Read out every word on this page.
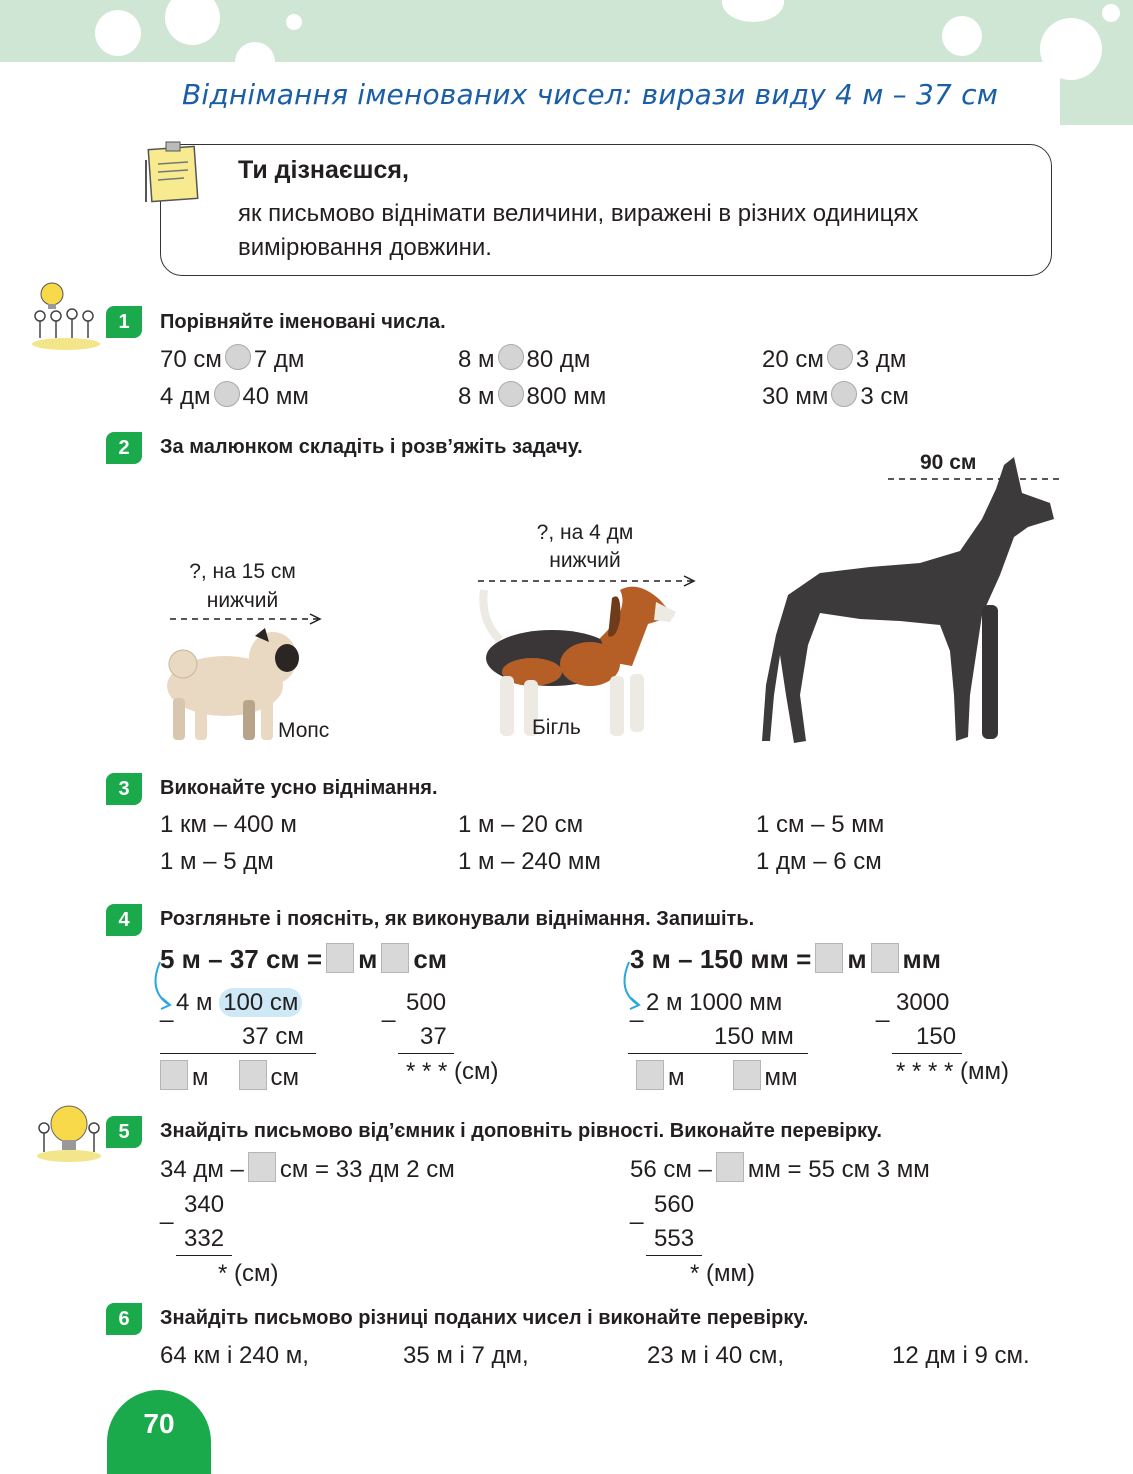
Віднімання іменованих чисел: вирази виду 4 м – 37 см
Ти дізнаєшся,
як письмово віднімати величини, виражені в різних одиницях вимірювання довжини.
1	Порівняйте іменовані числа.
70 см 7 дм	8 м 80 дм	20 см 3 дм
4 дм 40 мм	8 м 800 мм	30 мм 3 см
2	За малюнком складіть і розв’яжіть задачу.
90 см
?, на 4 дм
нижчий
?, на 15 см
нижчий
Мопс	Бігль
Німецький
дог
3	Виконайте усно віднімання.
1 км – 400 м	1 м – 20 см	1 см – 5 мм
1 м – 5 дм	1 м – 240 мм	1 дм – 6 см
4	Розгляньте і поясніть, як виконували віднімання. Запишіть.
5 м – 37 см = м см	3 м – 150 мм = м мм
_ 4 м 100 см
37 см
м	см
_ 500
37
* * * (см)
_ 2 м 1000 мм
150 мм
м	мм
_ 3000
150
* * * * (мм)
5	Знайдіть письмово від’ємник і доповніть рівності. Виконайте перевірку.
34 дм – см = 33 дм 2 см	56 см – мм = 55 см 3 мм
_ 340
332
* (см)
_ 560
553
* (мм)
6	Знайдіть письмово різниці поданих чисел і виконайте перевірку.
64 км і 240 м,	35 м і 7 дм,	23 м і 40 см,	12 дм і 9 см.
70
